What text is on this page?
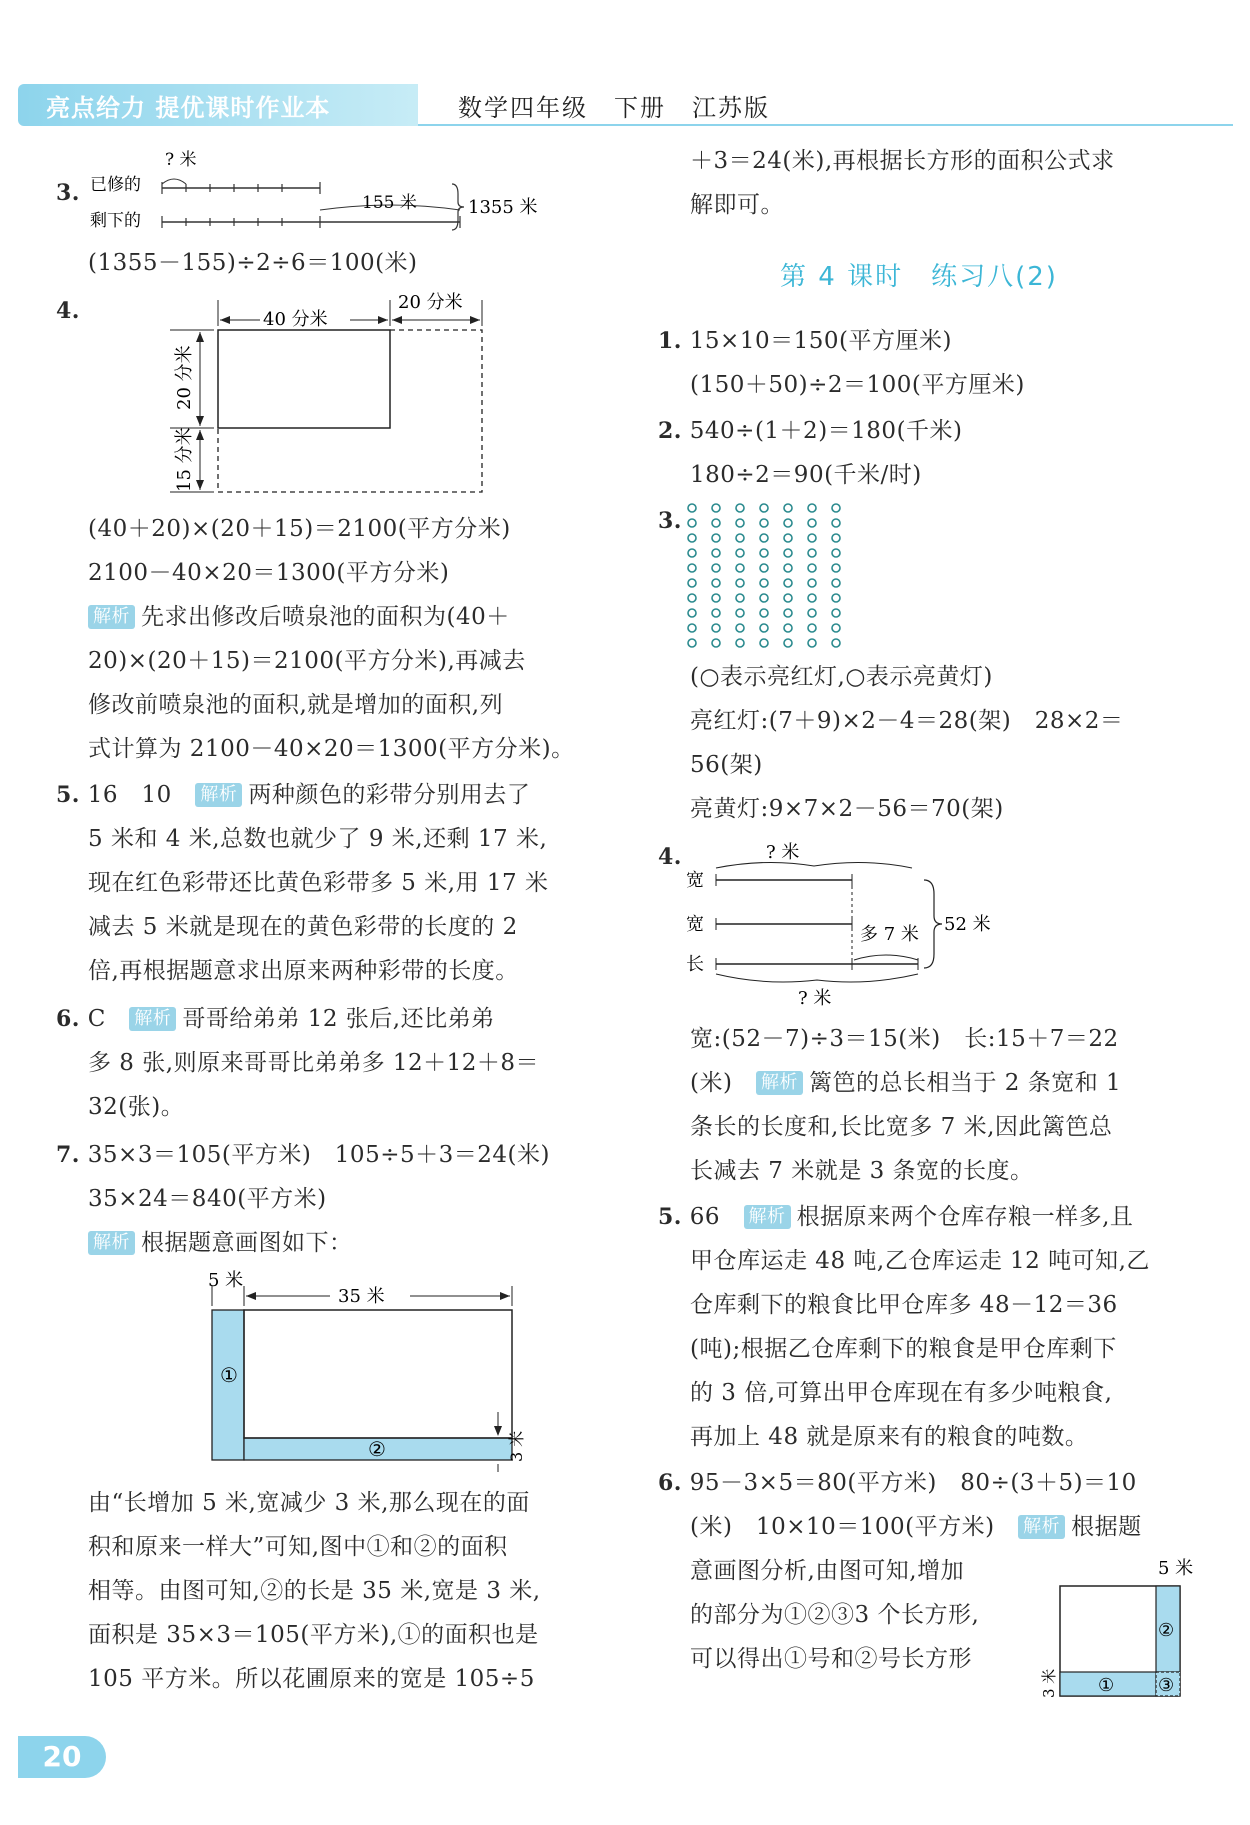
亮点给力 提优课时作业本	数学四年级　下册　江苏版
3. 已修的
剩下的
? 米
155 米	1355 米
(1355－155)÷2÷6＝100(米)
4.	40 分米
20 分米
20 分米
15 分米
(40＋20)×(20＋15)＝2100(平方分米)
2100－40×20＝1300(平方分米)
解析 先求出修改后喷泉池的面积为(40＋
20)×(20＋15)＝2100(平方分米),再减去
修改前喷泉池的面积,就是增加的面积,列
式计算为 2100－40×20＝1300(平方分米)。
5. 16　10　 解析 两种颜色的彩带分别用去了
5 米和 4 米,总数也就少了 9 米,还剩 17 米,
现在红色彩带还比黄色彩带多 5 米,用 17 米
减去 5 米就是现在的黄色彩带的长度的 2
倍,再根据题意求出原来两种彩带的长度。
6. C　 解析 哥哥给弟弟 12 张后,还比弟弟
多 8 张,则原来哥哥比弟弟多 12＋12＋8＝
32(张)。
7. 35×3＝105(平方米)　105÷5＋3＝24(米)
35×24＝840(平方米)
解析 根据题意画图如下：
35 米
5 米
①
②	3 米
由“长增加 5 米,宽减少 3 米,那么现在的面
积和原来一样大”可知,图中①和②的面积
相等。由图可知,②的长是 35 米,宽是 3 米,
面积是 35×3＝105(平方米),①的面积也是
105 平方米。所以花圃原来的宽是 105÷5
＋3＝24(米),再根据长方形的面积公式求
解即可。
第 4 课时　练习八(2)
1. 15×10＝150(平方厘米)
(150＋50)÷2＝100(平方厘米)
2. 540÷(1＋2)＝180(千米)
180÷2＝90(千米/时)
3.
(○表示亮红灯,○表示亮黄灯)
亮红灯:(7＋9)×2－4＝28(架)　28×2＝
56(架)
亮黄灯:9×7×2－56＝70(架)
4.
宽
宽
长
? 米
多 7 米 52 米
? 米
宽:(52－7)÷3＝15(米)　长:15＋7＝22
(米)　 解析 篱笆的总长相当于 2 条宽和 1
条长的长度和,长比宽多 7 米,因此篱笆总
长减去 7 米就是 3 条宽的长度。
5. 66　 解析 根据原来两个仓库存粮一样多,且
甲仓库运走 48 吨,乙仓库运走 12 吨可知,乙
仓库剩下的粮食比甲仓库多 48－12＝36
(吨);根据乙仓库剩下的粮食是甲仓库剩下
的 3 倍,可算出甲仓库现在有多少吨粮食,
再加上 48 就是原来有的粮食的吨数。
6. 95－3×5＝80(平方米)　80÷(3＋5)＝10
(米)　10×10＝100(平方米)　 解析 根据题
意画图分析,由图可知,增加
的部分为①②③3 个长方形,
可以得出①号和②号长方形
5 米
②
① ③
3 米
20
